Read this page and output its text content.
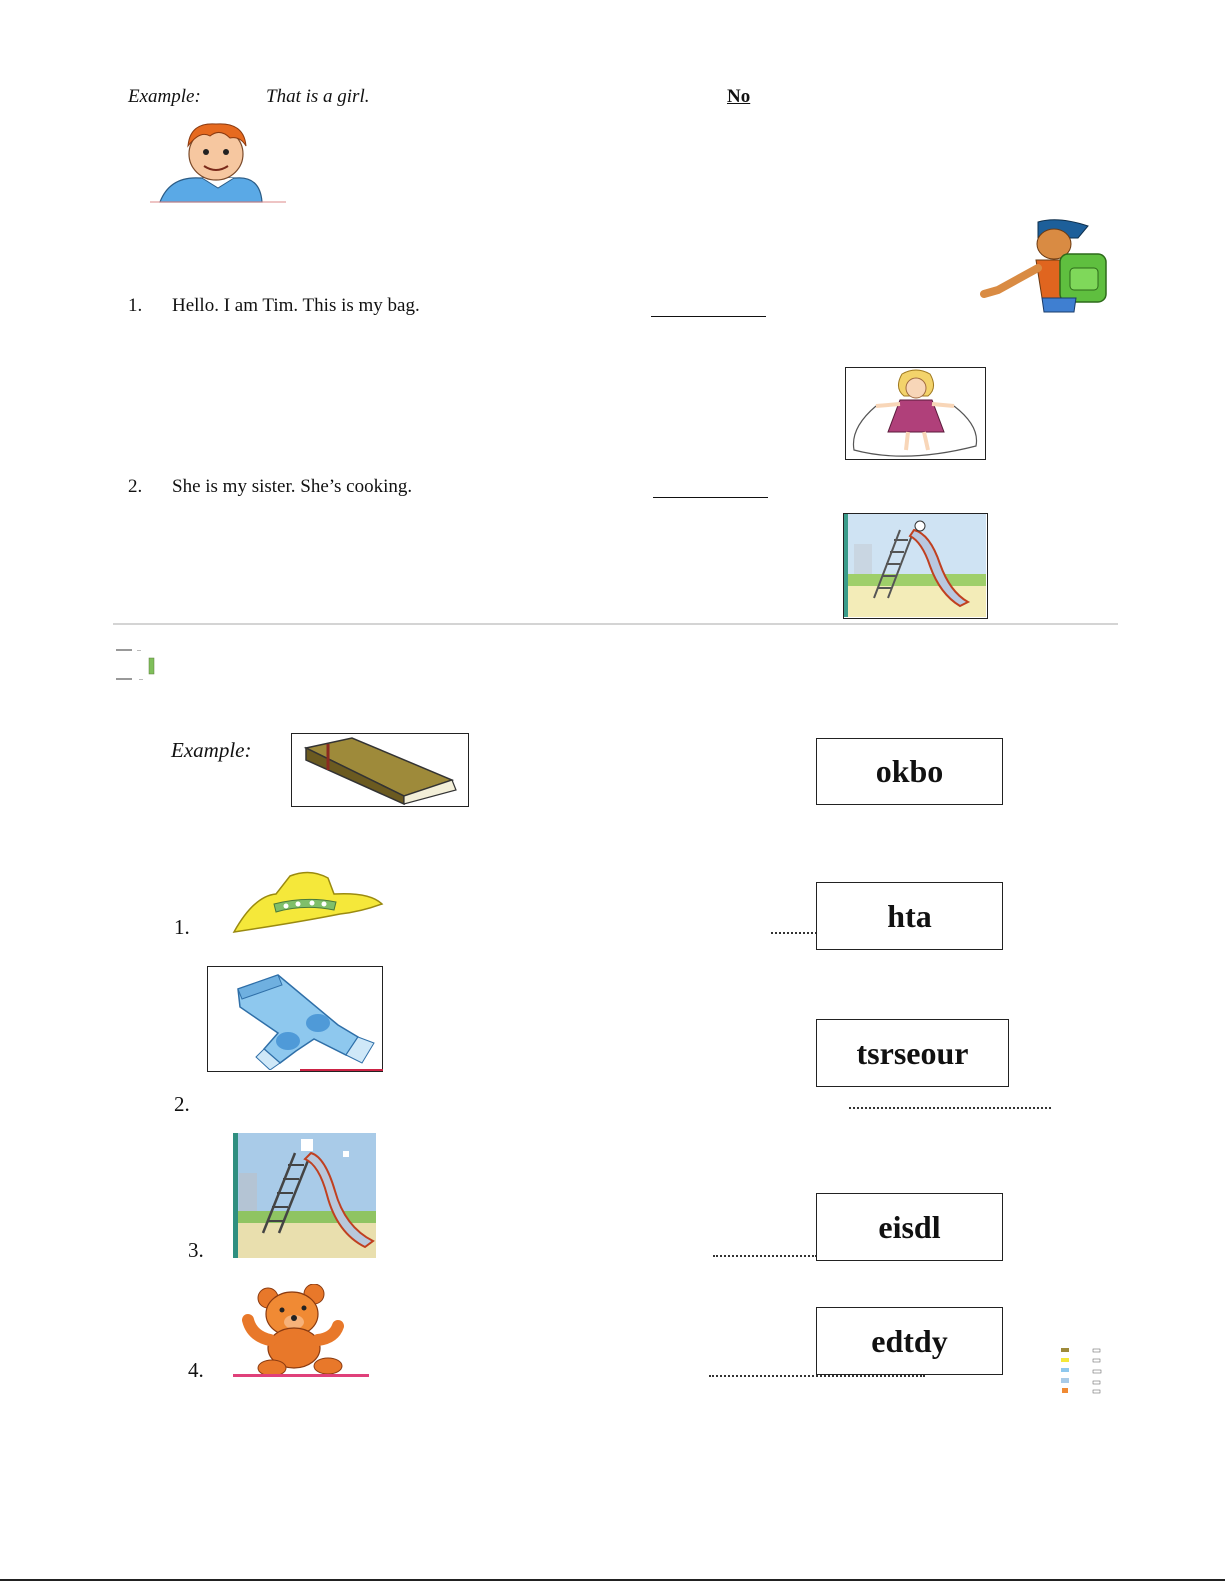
Example:	That is a girl.	No
1. Hello. I am Tim. This is my bag.
2. She is my sister. She’s cooking.
Example:
okbo
1.	hta
2.
tsrseour
3.
eisdl
4.
edtdy
